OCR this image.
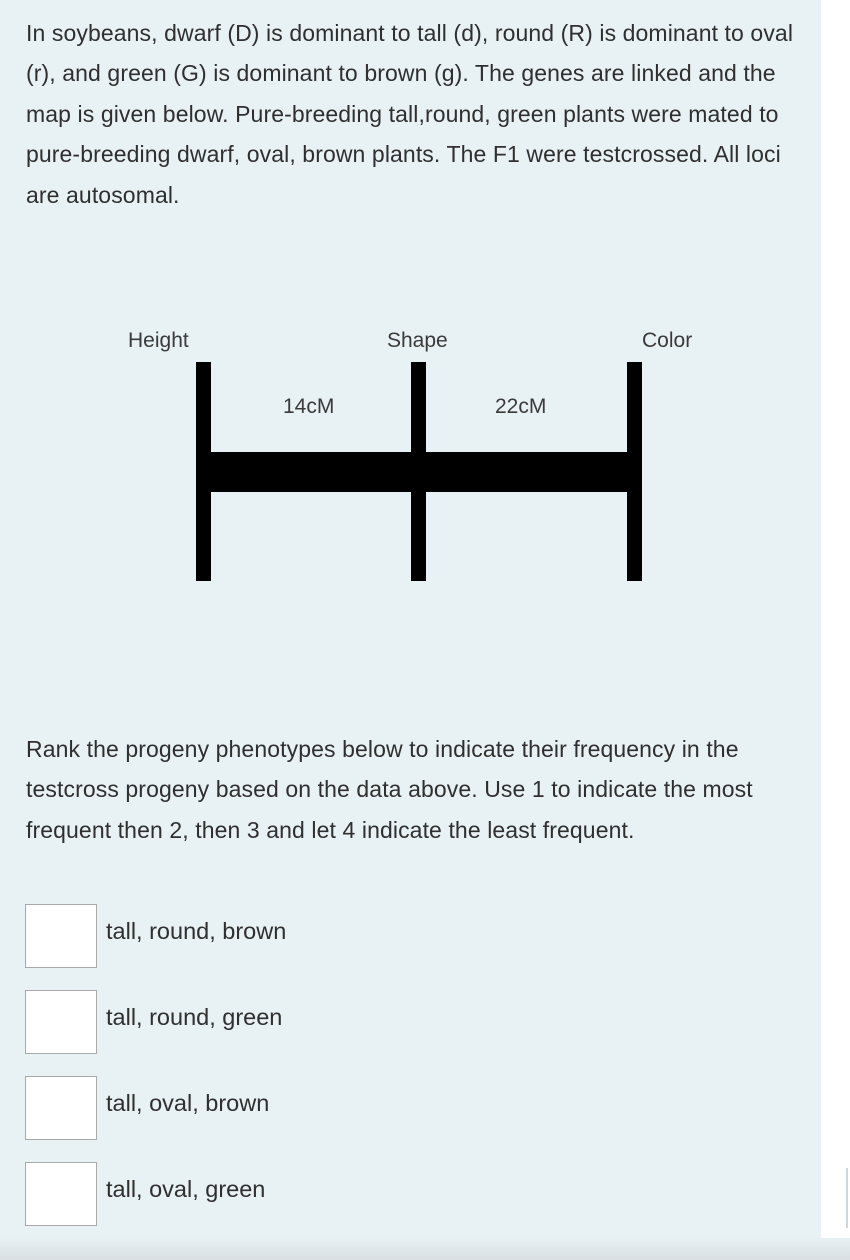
In soybeans, dwarf (D) is dominant to tall (d), round (R) is dominant to oval (r), and green (G) is dominant to brown (g). The genes are linked and the map is given below. Pure-breeding tall,round, green plants were mated to pure-breeding dwarf, oval, brown plants. The F1 were testcrossed. All loci are autosomal.

Height	Shape	Color
14cM	22cM

Rank the progeny phenotypes below to indicate their frequency in the testcross progeny based on the data above. Use 1 to indicate the most frequent then 2, then 3 and let 4 indicate the least frequent.

tall, round, brown
tall, round, green
tall, oval, brown
tall, oval, green
